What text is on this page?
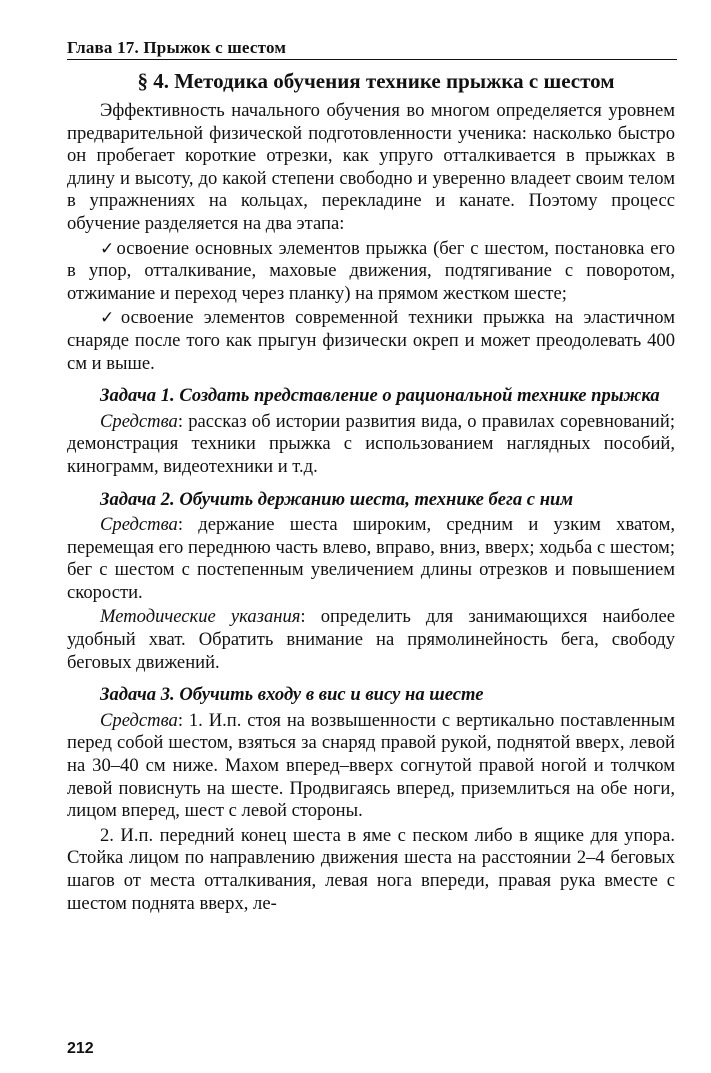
Глава 17. Прыжок с шестом
§ 4. Методика обучения технике прыжка с шестом

Эффективность начального обучения во многом определяется уровнем предварительной физической подготовленности ученика: насколько быстро он пробегает короткие отрезки, как упруго отталкивается в прыжках в длину и высоту, до какой степени свободно и уверенно владеет своим телом в упражнениях на кольцах, перекладине и канате. Поэтому процесс обучение разделяется на два этапа:

✓освоение основных элементов прыжка (бег с шестом, постановка его в упор, отталкивание, маховые движения, подтягивание с поворотом, отжимание и переход через планку) на прямом жестком шесте;

✓освоение элементов современной техники прыжка на эластичном снаряде после того как прыгун физически окреп и может преодолевать 400 см и выше.

Задача 1. Создать представление о рациональной технике прыжка

Средства: рассказ об истории развития вида, о правилах соревнований; демонстрация техники прыжка с использованием наглядных пособий, кинограмм, видеотехники и т.д.

Задача 2. Обучить держанию шеста, технике бега с ним

Средства: держание шеста широким, средним и узким хватом, перемещая его переднюю часть влево, вправо, вниз, вверх; ходьба с шестом; бег с шестом с постепенным увеличением длины отрезков и повышением скорости.

Методические указания: определить для занимающихся наиболее удобный хват. Обратить внимание на прямолинейность бега, свободу беговых движений.

Задача 3. Обучить входу в вис и вису на шесте

Средства: 1. И.п. стоя на возвышенности с вертикально поставленным перед собой шестом, взяться за снаряд правой рукой, поднятой вверх, левой на 30–40 см ниже. Махом вперед–вверх согнутой правой ногой и толчком левой повиснуть на шесте. Продвигаясь вперед, приземлиться на обе ноги, лицом вперед, шест с левой стороны.

2. И.п. передний конец шеста в яме с песком либо в ящике для упора. Стойка лицом по направлению движения шеста на расстоянии 2–4 беговых шагов от места отталкивания, левая нога впереди, правая рука вместе с шестом поднята вверх, ле-

212
